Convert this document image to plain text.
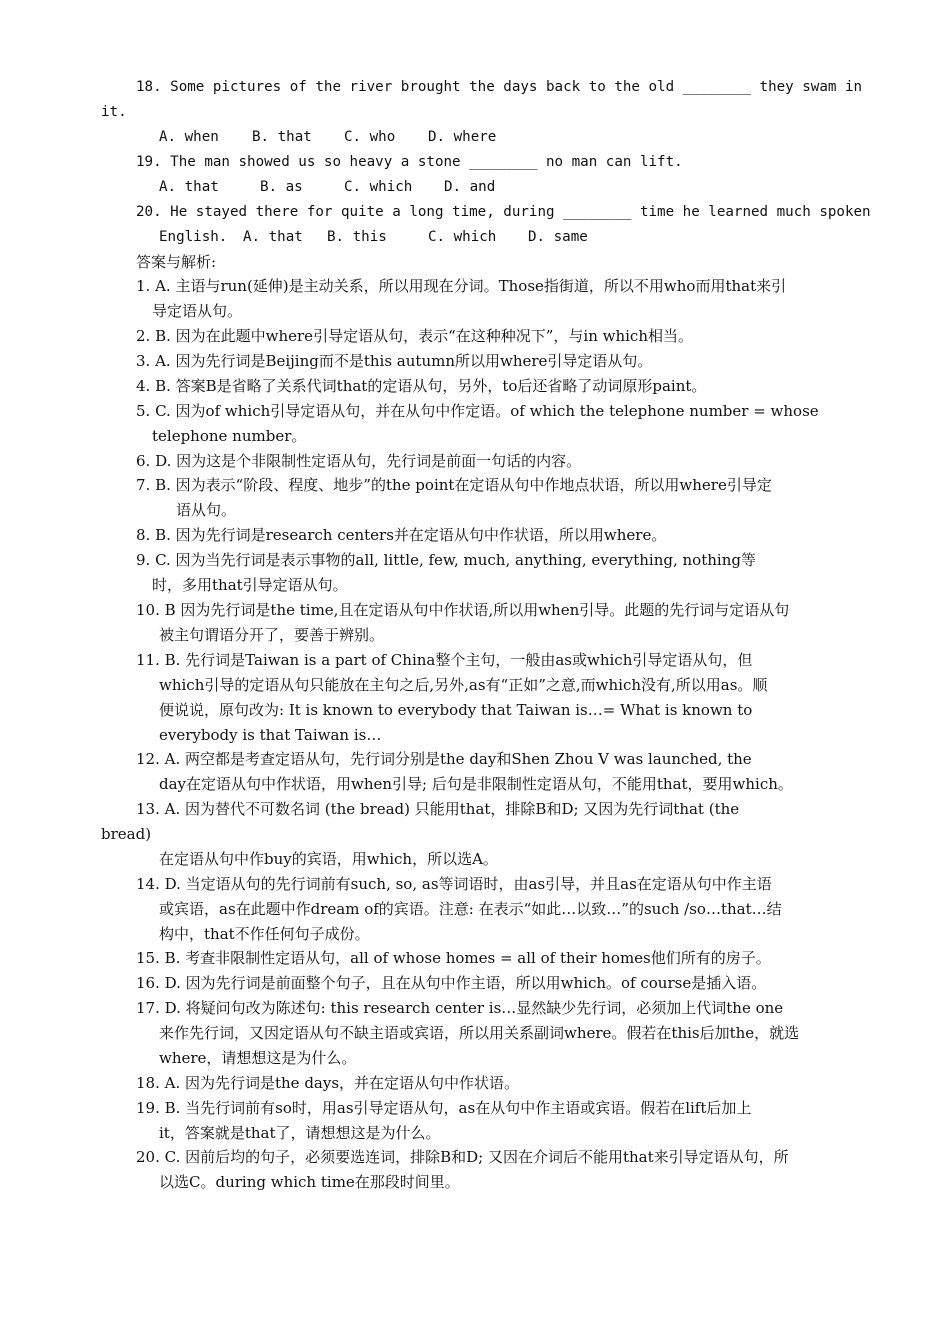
18. Some pictures of the river brought the days back to the old ________ they swam in
it.
A. when B. that C. who D. where
19. The man showed us so heavy a stone ________ no man can lift.
A. that	B. as	C. which D. and
20. He stayed there for quite a long time, during ________ time he learned much spoken
English. A. that B. this	C. which D. same
答案与解析:
1. A. 主语与run(延伸)是主动关系，所以用现在分词。Those指街道，所以不用who而用that来引
导定语从句。
2. B. 因为在此题中where引导定语从句，表示“在这种种况下”，与in which相当。
3. A. 因为先行词是Beijing而不是this autumn所以用where引导定语从句。
4. B. 答案B是省略了关系代词that的定语从句，另外，to后还省略了动词原形paint。
5. C. 因为of which引导定语从句，并在从句中作定语。of which the telephone number = whose
telephone number。
6. D. 因为这是个非限制性定语从句，先行词是前面一句话的内容。
7. B. 因为表示“阶段、程度、地步”的the point在定语从句中作地点状语，所以用where引导定
语从句。
8. B. 因为先行词是research centers并在定语从句中作状语，所以用where。
9. C. 因为当先行词是表示事物的all, little, few, much, anything, everything, nothing等
时，多用that引导定语从句。
10. B 因为先行词是the time,且在定语从句中作状语,所以用when引导。此题的先行词与定语从句
被主句谓语分开了，要善于辨别。
11. B. 先行词是Taiwan is a part of China整个主句，一般由as或which引导定语从句，但
which引导的定语从句只能放在主句之后,另外,as有“正如”之意,而which没有,所以用as。顺
便说说，原句改为: It is known to everybody that Taiwan is…= What is known to
everybody is that Taiwan is…
12. A. 两空都是考查定语从句，先行词分别是the day和Shen Zhou V was launched, the
day在定语从句中作状语，用when引导; 后句是非限制性定语从句，不能用that，要用which。
13. A. 因为替代不可数名词 (the bread) 只能用that，排除B和D; 又因为先行词that (the
bread)
在定语从句中作buy的宾语，用which，所以选A。
14. D. 当定语从句的先行词前有such, so, as等词语时，由as引导，并且as在定语从句中作主语
或宾语，as在此题中作dream of的宾语。注意: 在表示“如此…以致…”的such /so…that…结
构中，that不作任何句子成份。
15. B. 考查非限制性定语从句，all of whose homes = all of their homes他们所有的房子。
16. D. 因为先行词是前面整个句子，且在从句中作主语，所以用which。of course是插入语。
17. D. 将疑问句改为陈述句: this research center is…显然缺少先行词，必须加上代词the one
来作先行词，又因定语从句不缺主语或宾语，所以用关系副词where。假若在this后加the，就选
where，请想想这是为什么。
18. A. 因为先行词是the days，并在定语从句中作状语。
19. B. 当先行词前有so时，用as引导定语从句，as在从句中作主语或宾语。假若在lift后加上
it，答案就是that了，请想想这是为什么。
20. C. 因前后均的句子，必须要选连词，排除B和D; 又因在介词后不能用that来引导定语从句，所
以选C。during which time在那段时间里。
